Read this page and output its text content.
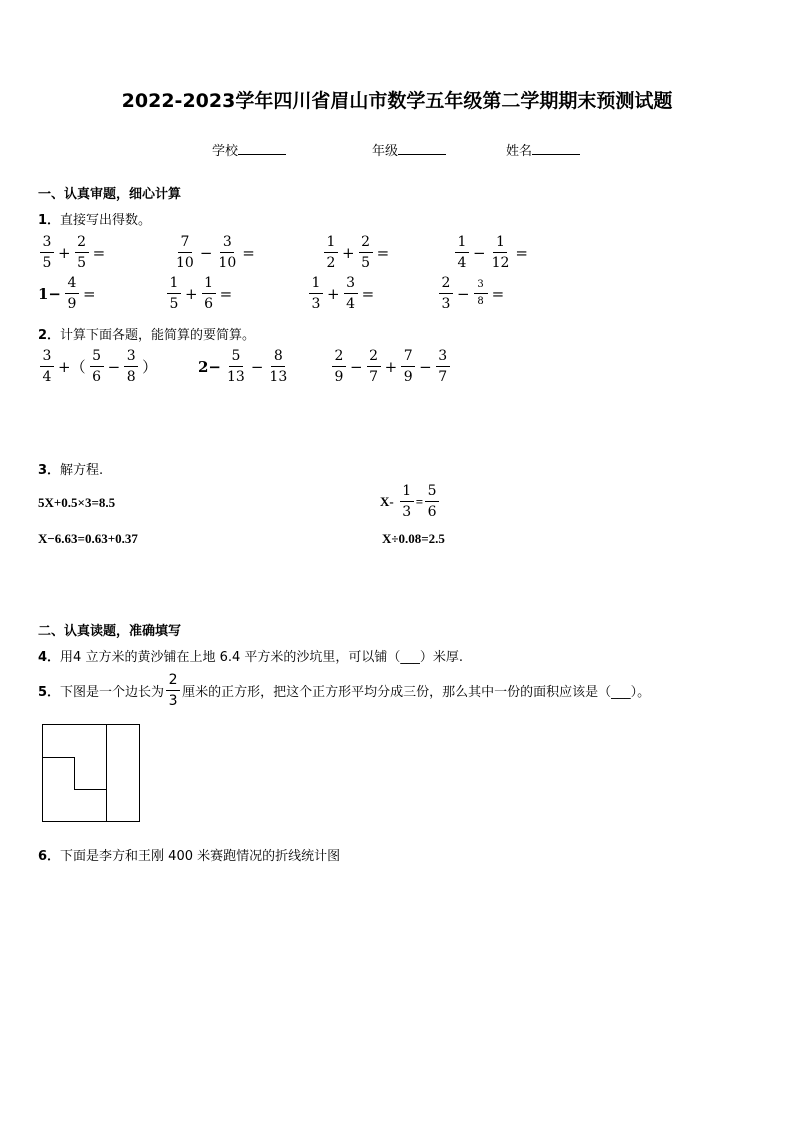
2022-2023学年四川省眉山市数学五年级第二学期期末预测试题
学校	年级	姓名
一、认真审题，细心计算
1．直接写出得数。
$\frac{3}{5} + \frac{2}{5}$ =	$\frac{7}{10} - \frac{3}{10}$ =	$\frac{1}{2} + \frac{2}{5}$ =	$\frac{1}{4} - \frac{1}{12}$ =
$1- \frac{4}{9}$ =	$\frac{1}{5} + \frac{1}{6}$ =	$\frac{1}{3} + \frac{3}{4}$ =	$\frac{2}{3} - \frac{3}{8}$ =
2．计算下面各题，能简算的要简算。
$\frac{3}{4}$ +（ $\frac{5}{6} - \frac{3}{8}$ ）	$2- \frac{5}{13} - \frac{8}{13}$	$\frac{2}{9} - \frac{2}{7} + \frac{7}{9} - \frac{3}{7}$
3．解方程.
5X+0.5×3=8.5	$X- \frac{1}{3} = \frac{5}{6}$
X−6.63=0.63+0.37	X÷0.08=2.5
二、认真读题，准确填写
4．用4 立方米的黄沙铺在上地 6.4 平方米的沙坑里，可以铺（___）米厚.
5． 下图是一个边长为 $\frac{2}{3}$ 厘米的正方形，把这个正方形平均分成三份，那么其中一份的面积应该是（___）。
6．下面是李方和王刚 400 米赛跑情况的折线统计图
